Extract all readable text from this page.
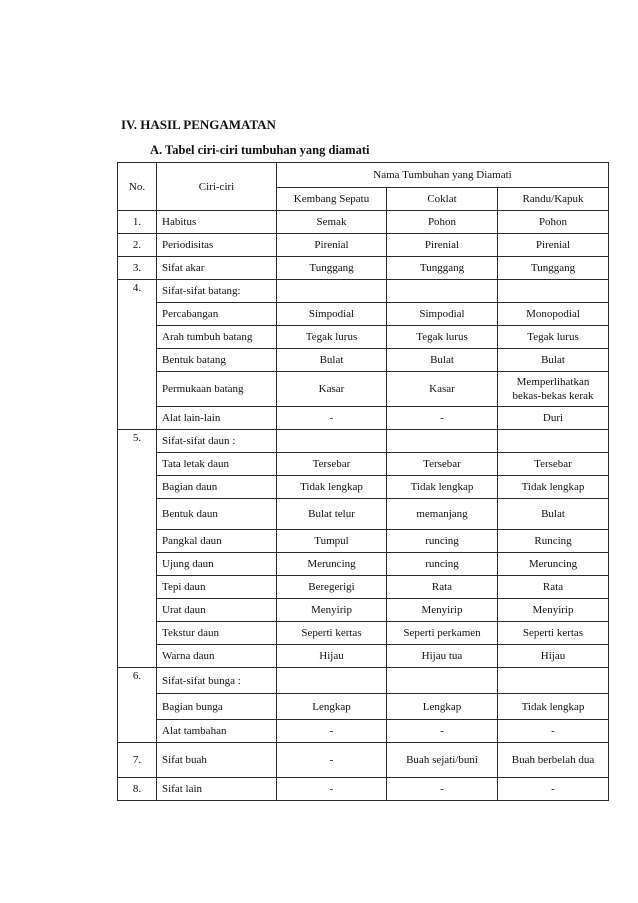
IV. HASIL PENGAMATAN

A. Tabel ciri-ciri tumbuhan yang diamati

No.	Ciri-ciri	Nama Tumbuhan yang Diamati		
		Kembang Sepatu	Coklat	Randu/Kapuk
1.	Habitus	Semak	Pohon	Pohon
2.	Periodisitas	Pirenial	Pirenial	Pirenial
3.	Sifat akar	Tunggang	Tunggang	Tunggang
4.	Sifat-sifat batang:			
	Percabangan	Simpodial	Simpodial	Monopodial
	Arah tumbuh batang	Tegak lurus	Tegak lurus	Tegak lurus
	Bentuk batang	Bulat	Bulat	Bulat
	Permukaan batang	Kasar	Kasar	Memperlihatkan bekas-bekas kerak
	Alat lain-lain	-	-	Duri
5.	Sifat-sifat daun :			
	Tata letak daun	Tersebar	Tersebar	Tersebar
	Bagian daun	Tidak lengkap	Tidak lengkap	Tidak lengkap
	Bentuk daun	Bulat telur	memanjang	Bulat
	Pangkal daun	Tumpul	runcing	Runcing
	Ujung daun	Meruncing	runcing	Meruncing
	Tepi daun	Beregerigi	Rata	Rata
	Urat daun	Menyirip	Menyirip	Menyirip
	Tekstur daun	Seperti kertas	Seperti perkamen	Seperti kertas
	Warna daun	Hijau	Hijau tua	Hijau
6.	Sifat-sifat bunga :			
	Bagian bunga	Lengkap	Lengkap	Tidak lengkap
	Alat tambahan	-	-	-
7.	Sifat buah	-	Buah sejati/buni	Buah berbelah dua
8.	Sifat lain	-	-	-
